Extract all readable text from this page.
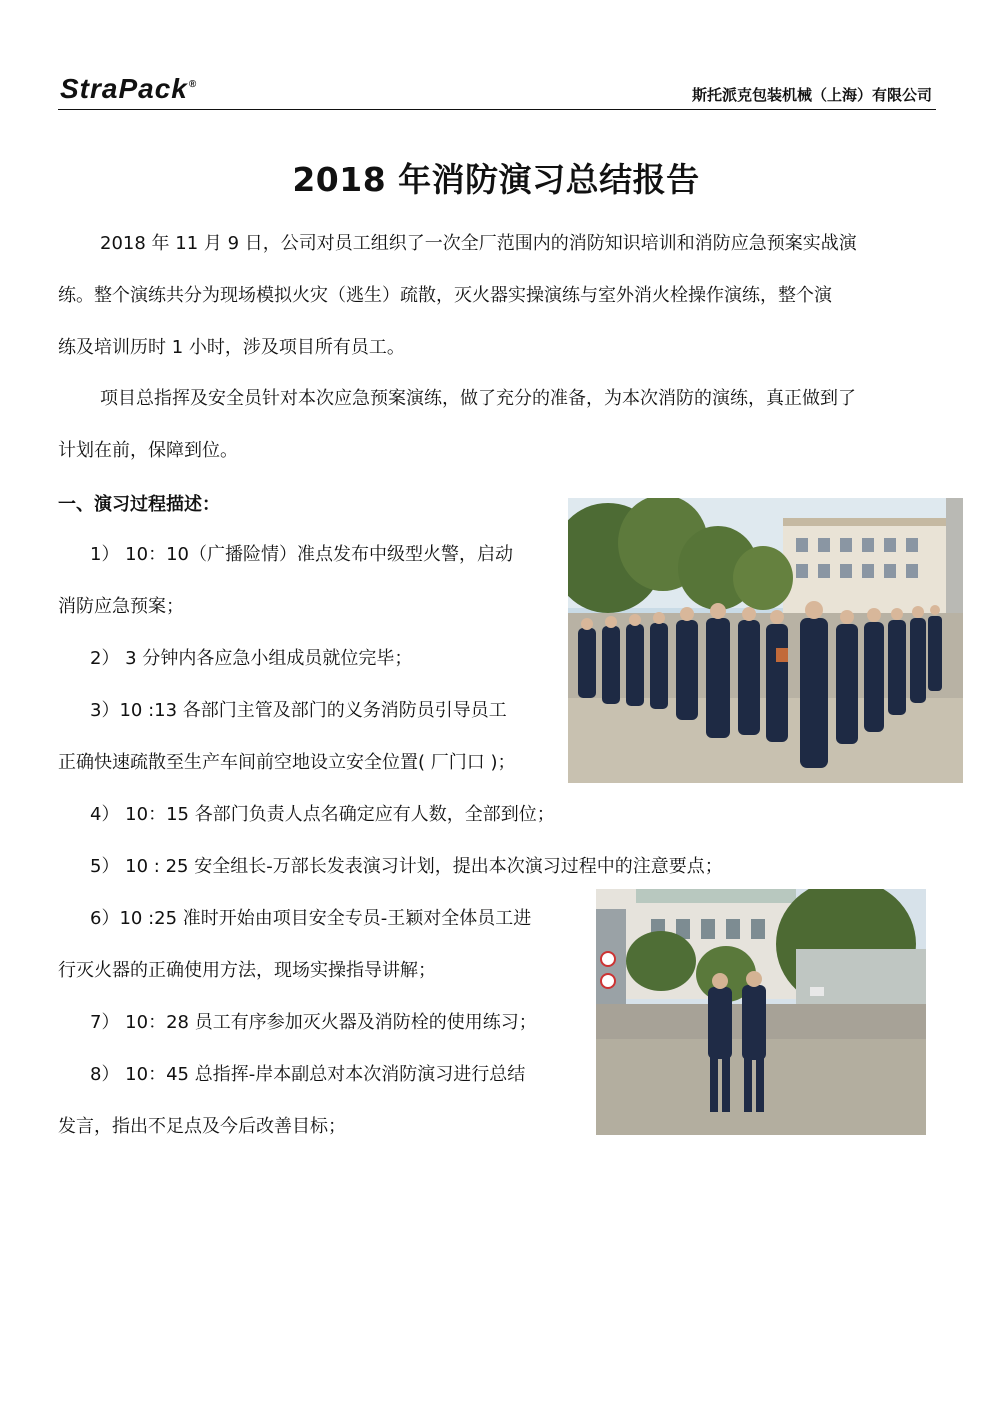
StraPack®
斯托派克包装机械（上海）有限公司
2018 年消防演习总结报告
2018 年 11 月 9 日，公司对员工组织了一次全厂范围内的消防知识培训和消防应急预案实战演
练。整个演练共分为现场模拟火灾（逃生）疏散，灭火器实操演练与室外消火栓操作演练，整个演
练及培训历时 1 小时，涉及项目所有员工。
项目总指挥及安全员针对本次应急预案演练，做了充分的准备，为本次消防的演练，真正做到了
计划在前，保障到位。
一、演习过程描述：
1） 10：10（广播险情）准点发布中级型火警，启动
消防应急预案；
2） 3 分钟内各应急小组成员就位完毕；
3）10 :13 各部门主管及部门的义务消防员引导员工
正确快速疏散至生产车间前空地设立安全位置( 厂门口 )；
4） 10：15 各部门负责人点名确定应有人数，全部到位；
5） 10 : 25 安全组长-万部长发表演习计划，提出本次演习过程中的注意要点；
6）10 :25 准时开始由项目安全专员-王颖对全体员工进
行灭火器的正确使用方法，现场实操指导讲解；
7） 10：28 员工有序参加灭火器及消防栓的使用练习；
8） 10：45 总指挥-岸本副总对本次消防演习进行总结
发言，指出不足点及今后改善目标；
